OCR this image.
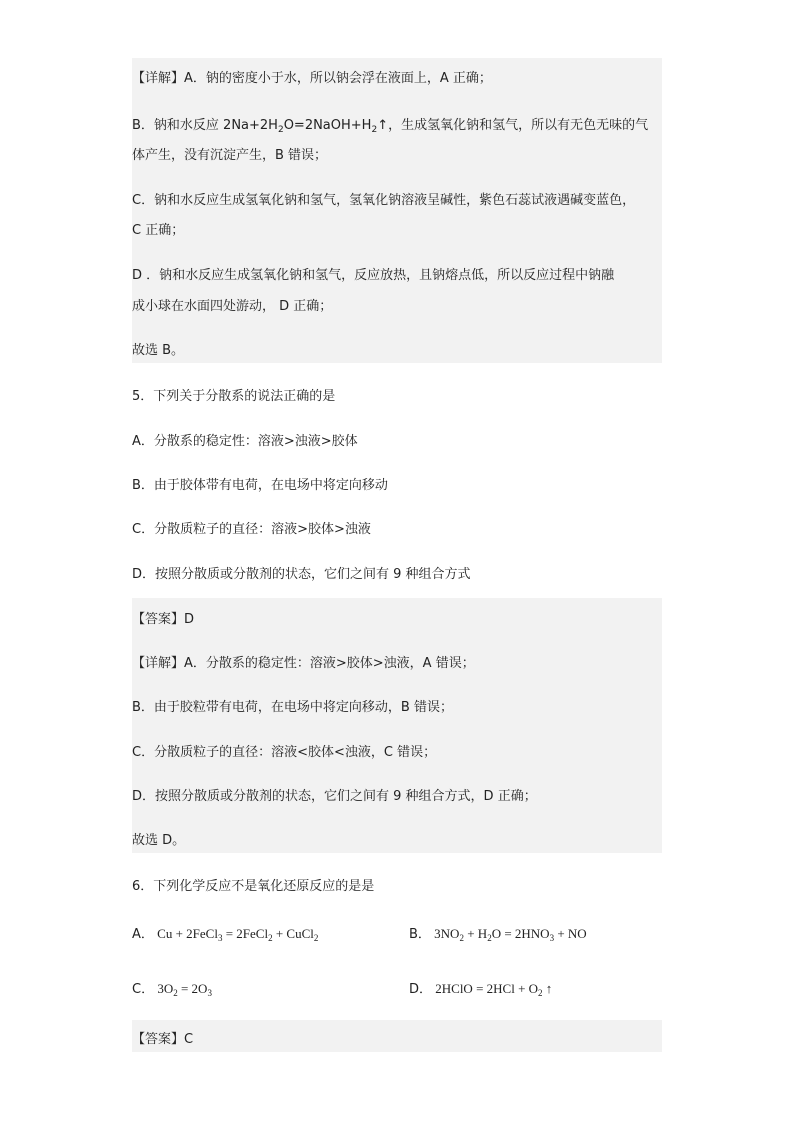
【详解】A．钠的密度小于水，所以钠会浮在液面上，A 正确；
B．钠和水反应 $2Na+2H_2O=2NaOH+H_2↑$，生成氢氧化钠和氢气，所以有无色无味的气
体产生，没有沉淀产生，B 错误；
C．钠和水反应生成氢氧化钠和氢气，氢氧化钠溶液呈碱性，紫色石蕊试液遇碱变蓝色，
C 正确；
D ．钠和水反应生成氢氧化钠和氢气，反应放热，且钠熔点低，所以反应过程中钠融
成小球在水面四处游动， D 正确；
故选 B。
5．下列关于分散系的说法正确的是
A．分散系的稳定性：溶液>浊液>胶体
B．由于胶体带有电荷，在电场中将定向移动
C．分散质粒子的直径：溶液>胶体>浊液
D．按照分散质或分散剂的状态，它们之间有 9 种组合方式
【答案】D
【详解】A．分散系的稳定性：溶液>胶体>浊液，A 错误；
B．由于胶粒带有电荷，在电场中将定向移动，B 错误；
C．分散质粒子的直径：溶液<胶体<浊液，C 错误；
D．按照分散质或分散剂的状态，它们之间有 9 种组合方式，D 正确；
故选 D。
6．下列化学反应不是氧化还原反应的是是
A． Cu + 2FeCl$_3$ = 2FeCl$_2$ + CuCl$_2$	B． $3NO_2 + H_2O = 2HNO_3$ + NO
C． $3O_2 = 2O_3$	D． 2HClO = $2HCl + O_2$ ↑
【答案】C
